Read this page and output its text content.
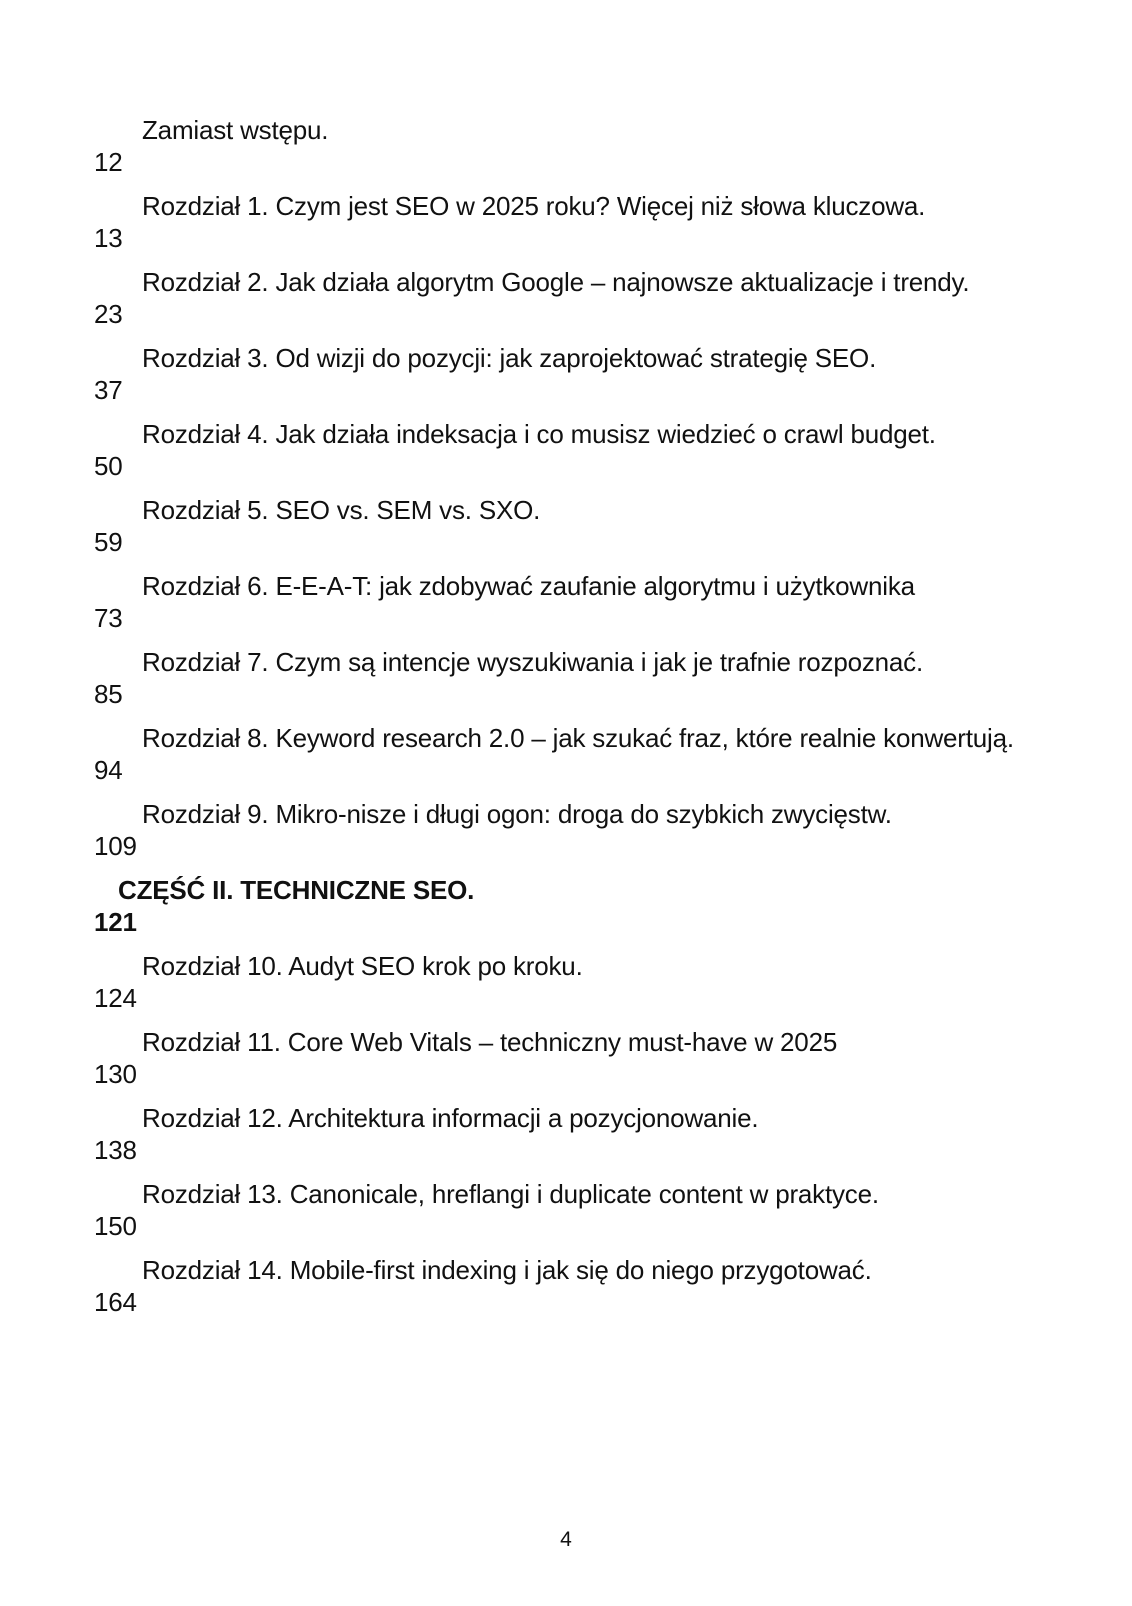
Zamiast wstępu.
12
Rozdział 1. Czym jest SEO w 2025 roku? Więcej niż słowa kluczowa.
13
Rozdział 2. Jak działa algorytm Google – najnowsze aktualizacje i trendy.
23
Rozdział 3. Od wizji do pozycji: jak zaprojektować strategię SEO.
37
Rozdział 4. Jak działa indeksacja i co musisz wiedzieć o crawl budget.
50
Rozdział 5. SEO vs. SEM vs. SXO.
59
Rozdział 6. E-E-A-T: jak zdobywać zaufanie algorytmu i użytkownika
73
Rozdział 7. Czym są intencje wyszukiwania i jak je trafnie rozpoznać.
85
Rozdział 8. Keyword research 2.0 – jak szukać fraz, które realnie konwertują.
94
Rozdział 9. Mikro-nisze i długi ogon: droga do szybkich zwycięstw.
109
CZĘŚĆ II. TECHNICZNE SEO.
121
Rozdział 10. Audyt SEO krok po kroku.
124
Rozdział 11. Core Web Vitals – techniczny must-have w 2025
130
Rozdział 12. Architektura informacji a pozycjonowanie.
138
Rozdział 13. Canonicale, hreflangi i duplicate content w praktyce.
150
Rozdział 14. Mobile-first indexing i jak się do niego przygotować.
164
4
